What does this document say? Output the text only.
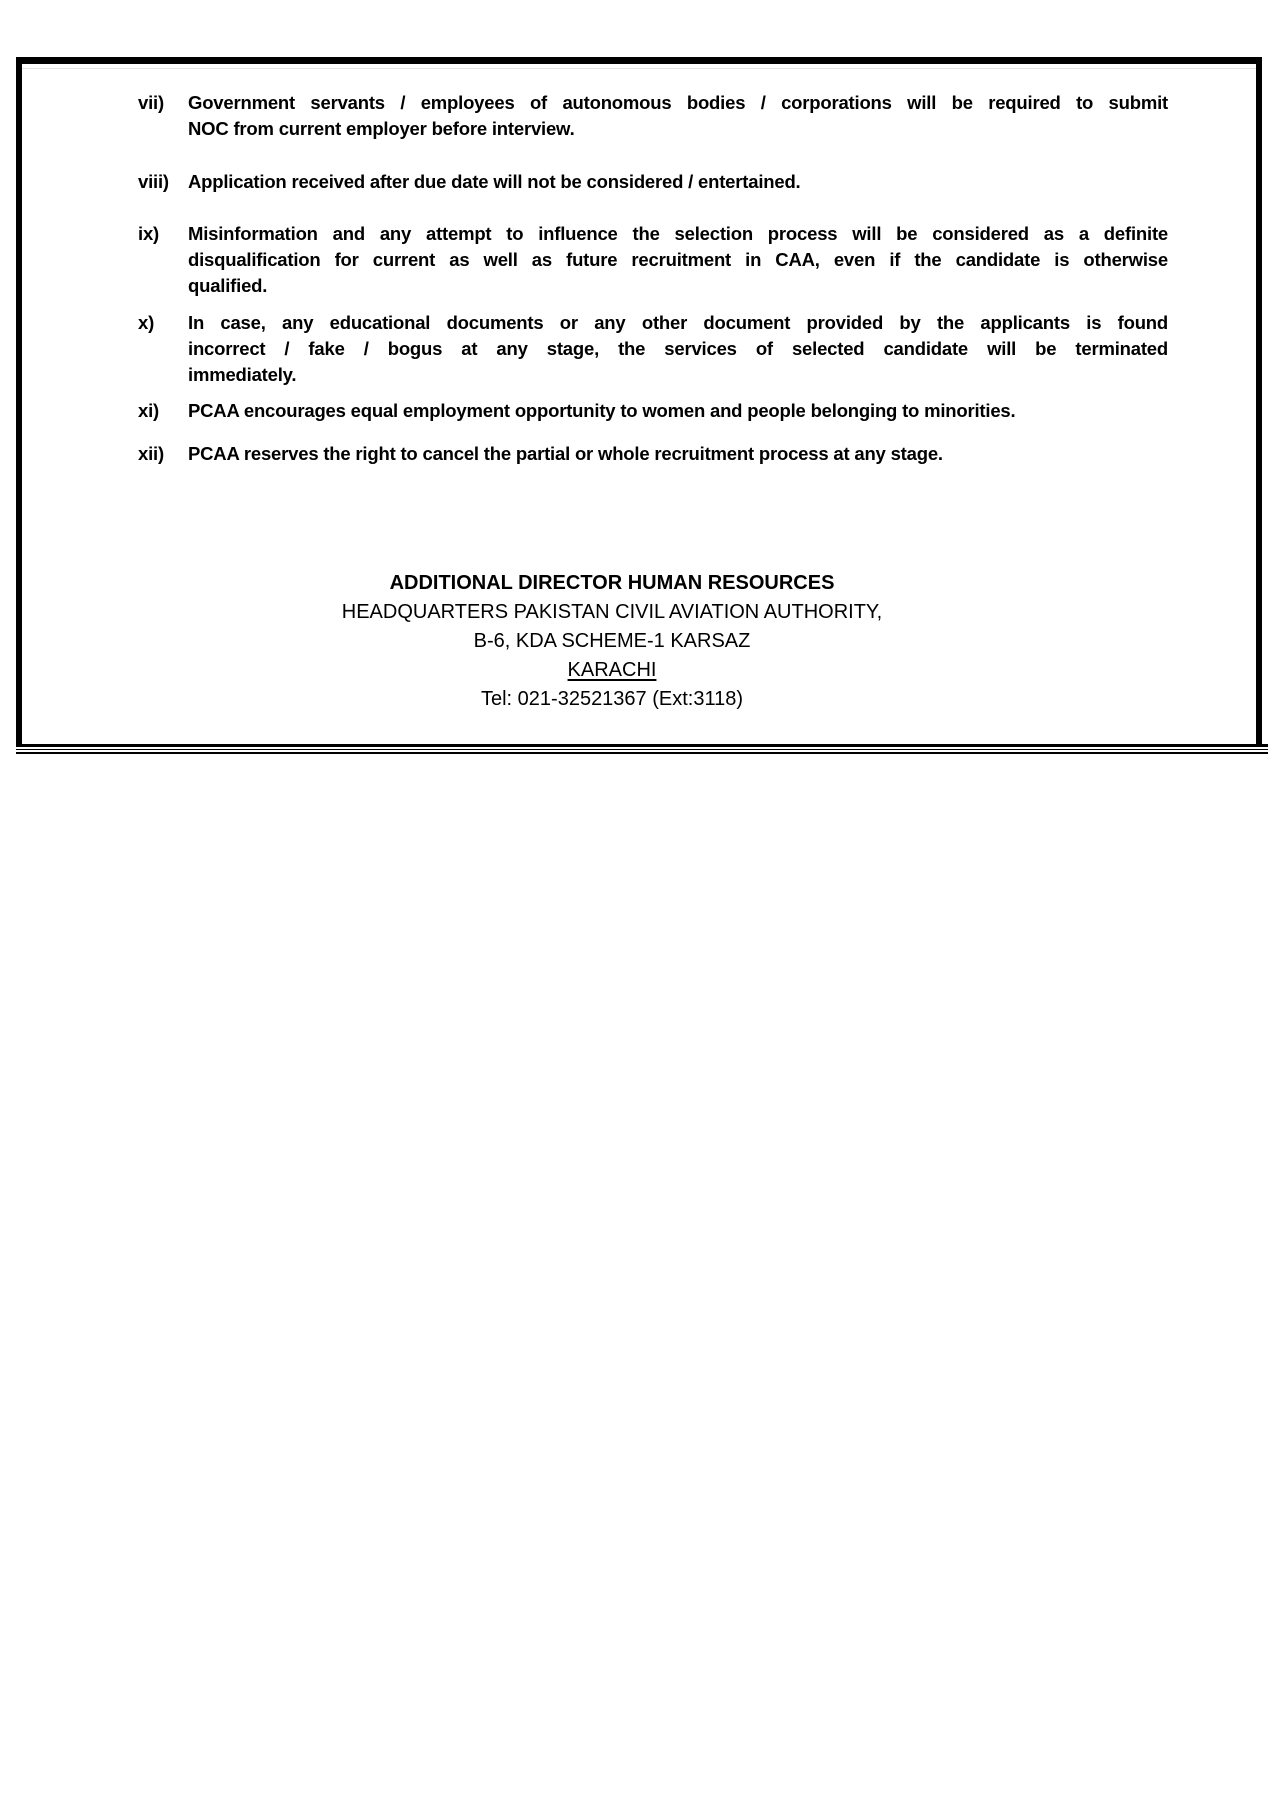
vii)	Government servants / employees of autonomous bodies / corporations will be required to submit
NOC from current employer before interview.
viii)	Application received after due date will not be considered / entertained.
ix)	Misinformation and any attempt to influence the selection process will be considered as a definite
disqualification for current as well as future recruitment in CAA, even if the candidate is otherwise
qualified.
x)	In case, any educational documents or any other document provided by the applicants is found
incorrect / fake / bogus at any stage, the services of selected candidate will be terminated
immediately.
xi)	PCAA encourages equal employment opportunity to women and people belonging to minorities.
xii)	PCAA reserves the right to cancel the partial or whole recruitment process at any stage.
ADDITIONAL DIRECTOR HUMAN RESOURCES
HEADQUARTERS PAKISTAN CIVIL AVIATION AUTHORITY,
B-6, KDA SCHEME-1 KARSAZ
KARACHI
Tel: 021-32521367 (Ext:3118)
